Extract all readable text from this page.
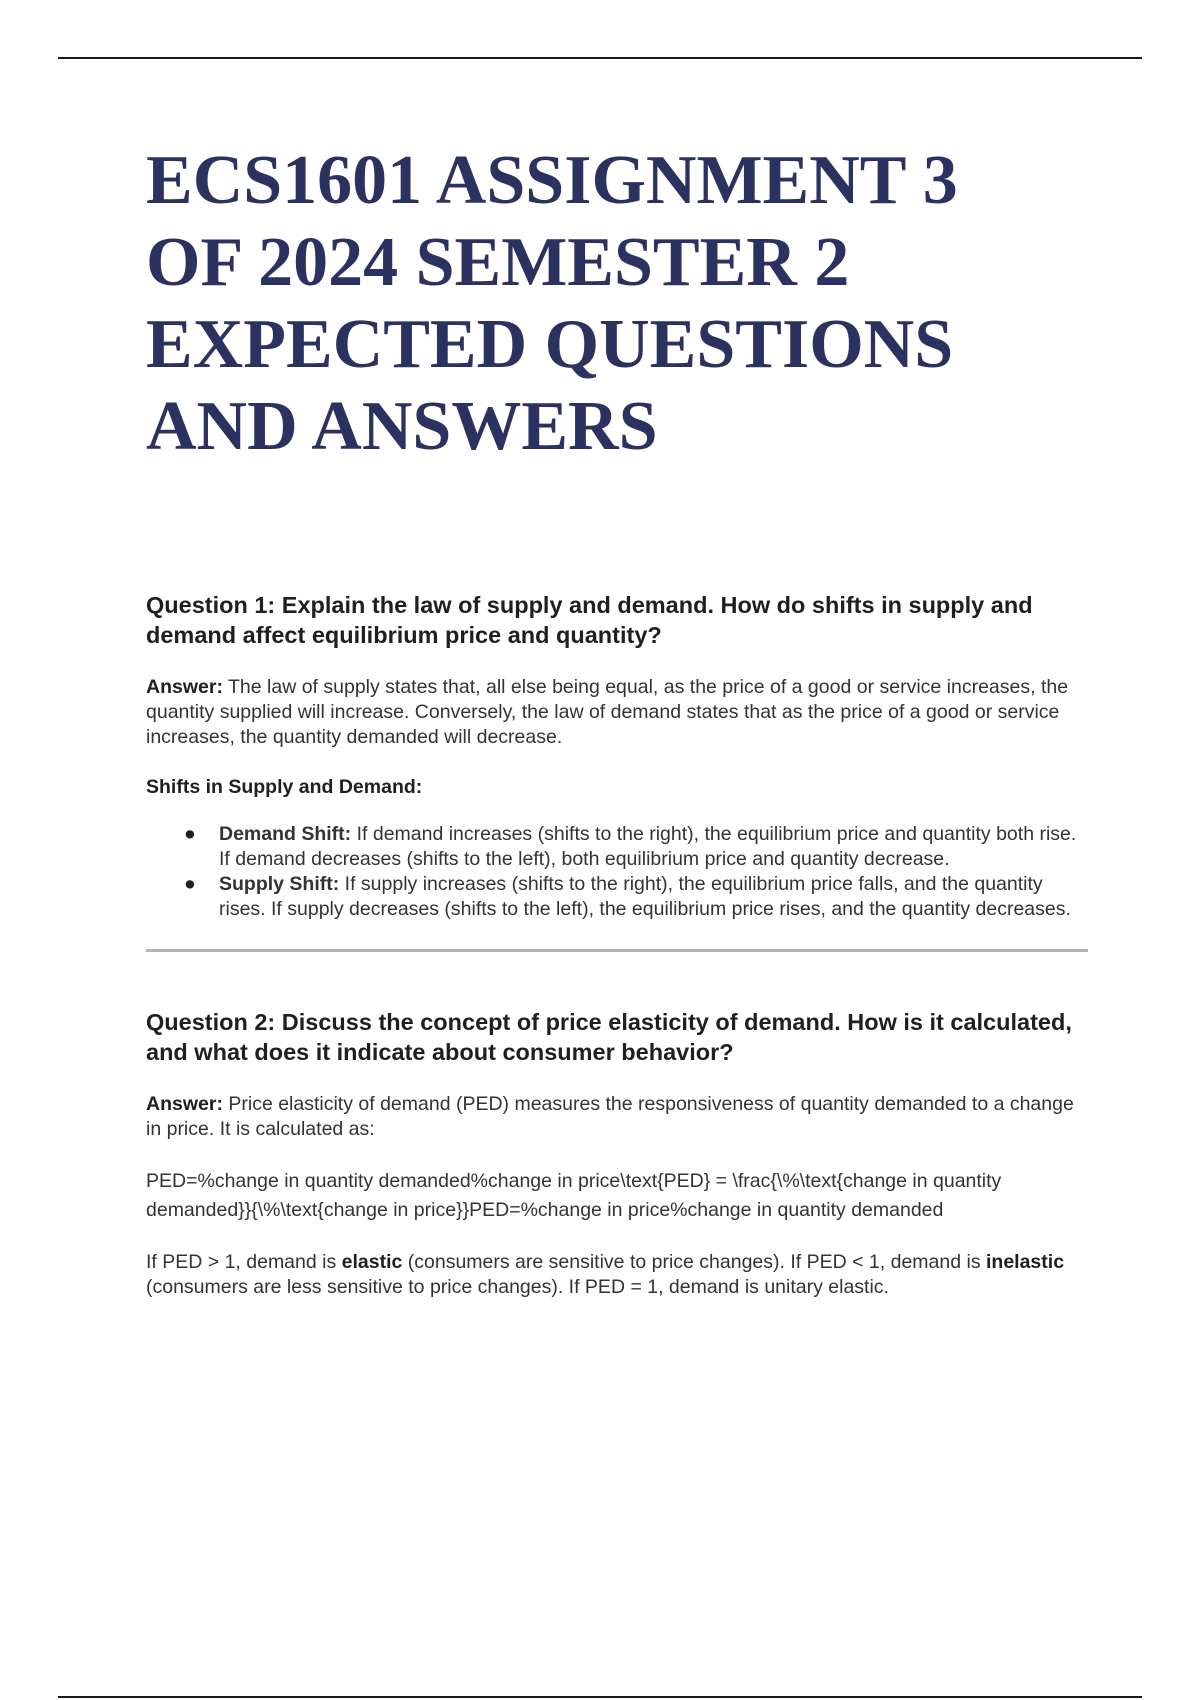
ECS1601 ASSIGNMENT 3
OF 2024 SEMESTER 2
EXPECTED QUESTIONS
AND ANSWERS
Question 1: Explain the law of supply and demand. How do shifts in supply and demand affect equilibrium price and quantity?

Answer: The law of supply states that, all else being equal, as the price of a good or service increases, the quantity supplied will increase. Conversely, the law of demand states that as the price of a good or service increases, the quantity demanded will decrease.

Shifts in Supply and Demand:

● Demand Shift: If demand increases (shifts to the right), the equilibrium price and quantity both rise. If demand decreases (shifts to the left), both equilibrium price and quantity decrease.
● Supply Shift: If supply increases (shifts to the right), the equilibrium price falls, and the quantity rises. If supply decreases (shifts to the left), the equilibrium price rises, and the quantity decreases.
Question 2: Discuss the concept of price elasticity of demand. How is it calculated, and what does it indicate about consumer behavior?

Answer: Price elasticity of demand (PED) measures the responsiveness of quantity demanded to a change in price. It is calculated as:

PED=%change in quantity demanded%change in price\text{PED} = \frac{\%\text{change in quantity demanded}}{\%\text{change in price}}PED=%change in price%change in quantity demanded

If PED > 1, demand is elastic (consumers are sensitive to price changes). If PED < 1, demand is inelastic (consumers are less sensitive to price changes). If PED = 1, demand is unitary elastic.
